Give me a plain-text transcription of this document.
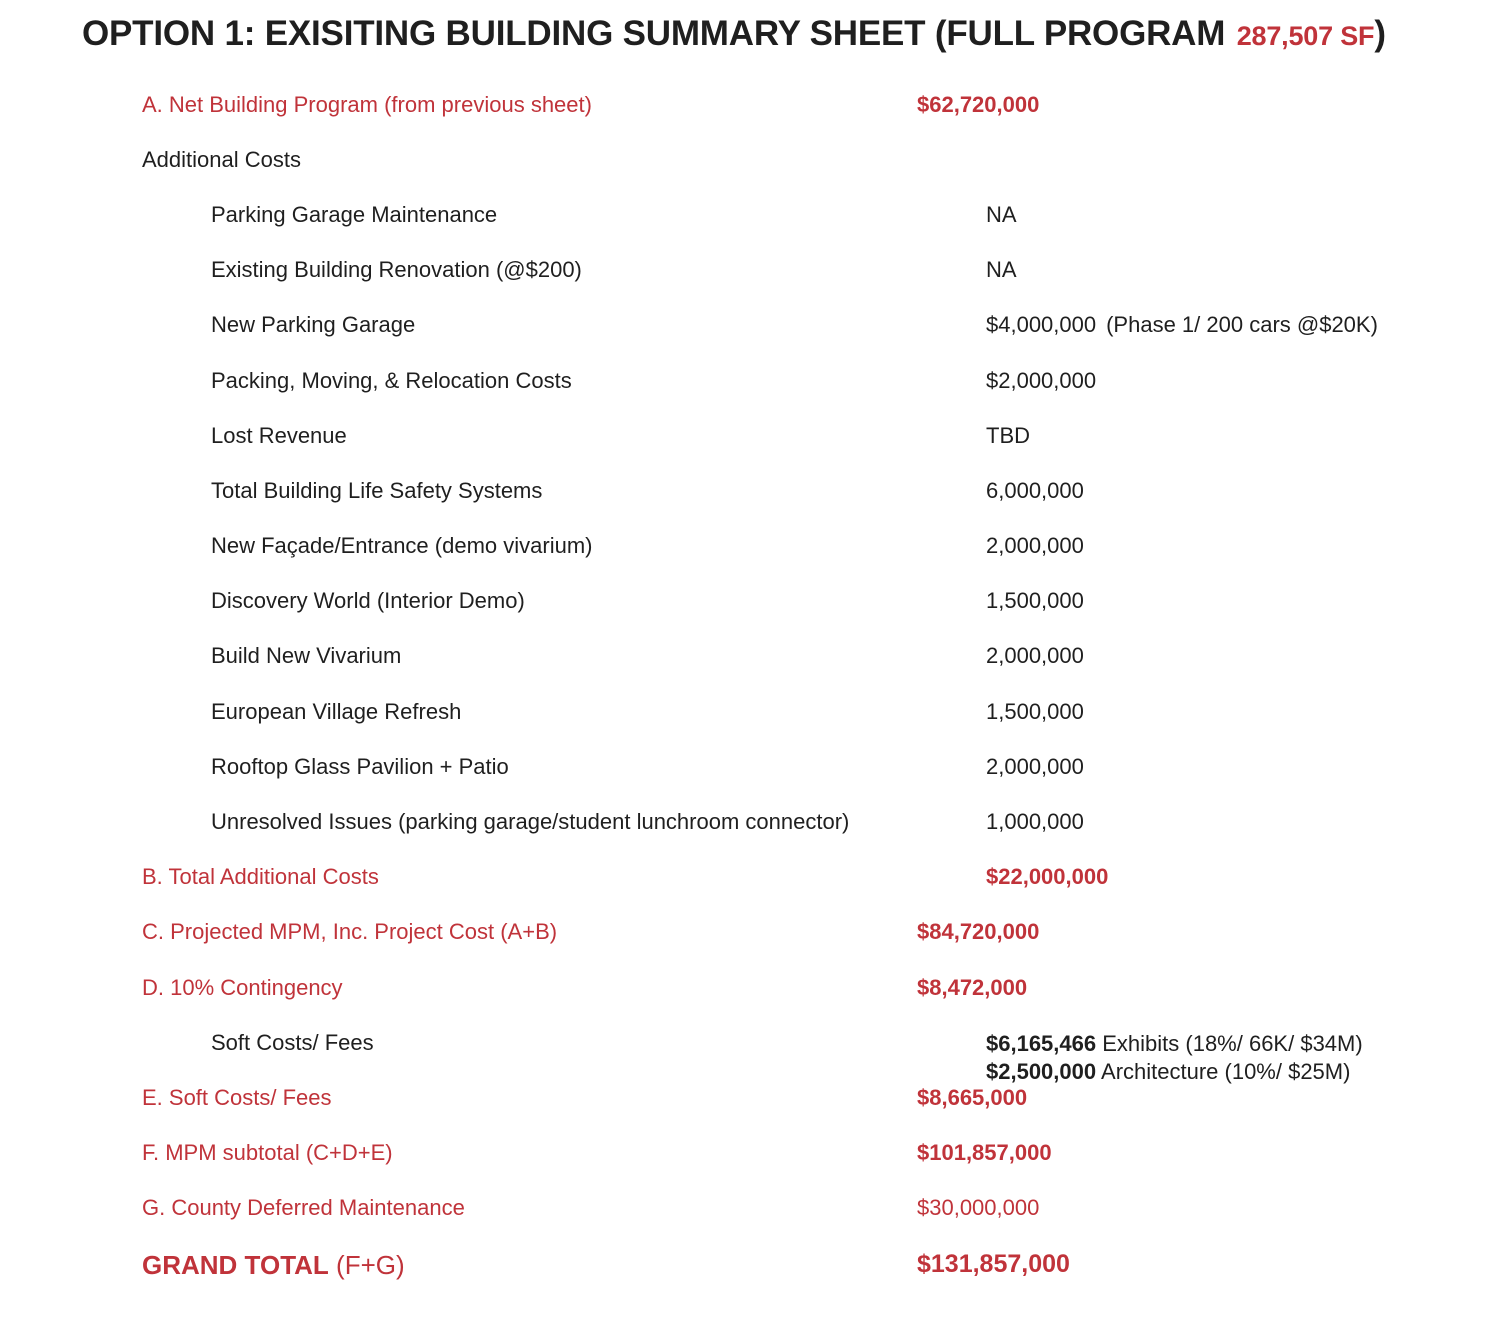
OPTION 1: EXISITING BUILDING SUMMARY SHEET (FULL PROGRAM 287,507 SF)
A. Net Building Program (from previous sheet)	$62,720,000
Additional Costs
Parking Garage Maintenance	NA
Existing Building Renovation (@$200)	NA
New Parking Garage	$4,000,000 (Phase 1/ 200 cars @$20K)
Packing, Moving, & Relocation Costs	$2,000,000
Lost Revenue	TBD
Total Building Life Safety Systems	6,000,000
New Façade/Entrance (demo vivarium)	2,000,000
Discovery World (Interior Demo)	1,500,000
Build New Vivarium	2,000,000
European Village Refresh	1,500,000
Rooftop Glass Pavilion + Patio	2,000,000
Unresolved Issues (parking garage/student lunchroom connector)	1,000,000
B. Total Additional Costs	$22,000,000
C. Projected MPM, Inc. Project Cost (A+B)	$84,720,000
D. 10% Contingency	$8,472,000
Soft Costs/ Fees	$6,165,466 Exhibits (18%/ 66K/ $34M)
$2,500,000 Architecture (10%/ $25M)
E. Soft Costs/ Fees	$8,665,000
F. MPM subtotal (C+D+E)	$101,857,000
G. County Deferred Maintenance	$30,000,000
GRAND TOTAL (F+G)	$131,857,000
